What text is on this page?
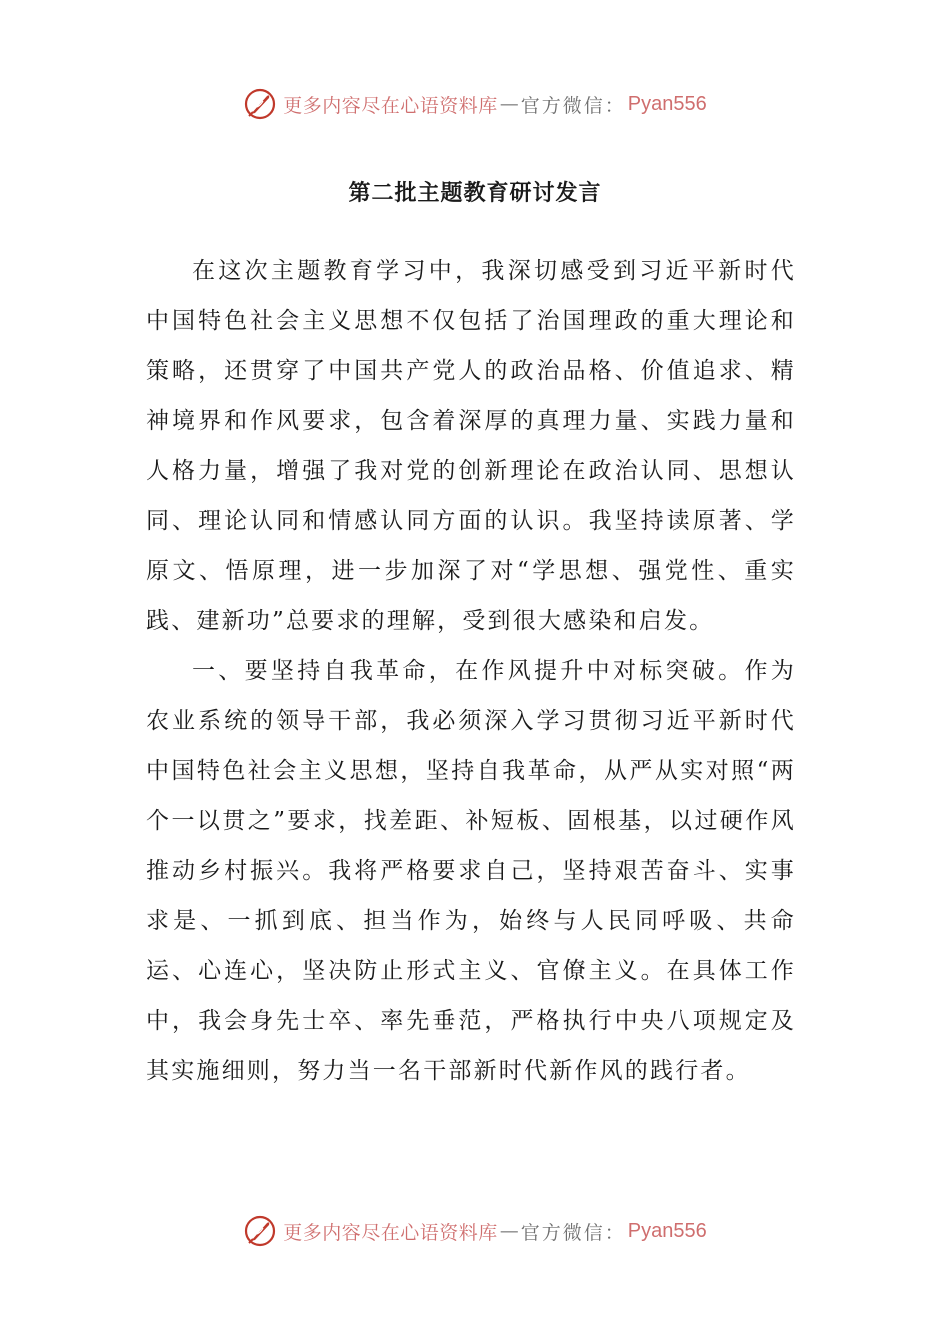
更多内容尽在心语资料库 — 官方微信： Pyan556
第二批主题教育研讨发言

在这次主题教育学习中，我深切感受到习近平新时代中国特色社会主义思想不仅包括了治国理政的重大理论和策略，还贯穿了中国共产党人的政治品格、价值追求、精神境界和作风要求，包含着深厚的真理力量、实践力量和人格力量，增强了我对党的创新理论在政治认同、思想认同、理论认同和情感认同方面的认识。我坚持读原著、学原文、悟原理，进一步加深了对“学思想、强党性、重实践、建新功”总要求的理解，受到很大感染和启发。

一、要坚持自我革命，在作风提升中对标突破。作为农业系统的领导干部，我必须深入学习贯彻习近平新时代中国特色社会主义思想，坚持自我革命，从严从实对照“两个一以贯之”要求，找差距、补短板、固根基，以过硬作风推动乡村振兴。我将严格要求自己，坚持艰苦奋斗、实事求是、一抓到底、担当作为，始终与人民同呼吸、共命运、心连心，坚决防止形式主义、官僚主义。在具体工作中，我会身先士卒、率先垂范，严格执行中央八项规定及其实施细则，努力当一名干部新时代新作风的践行者。

更多内容尽在心语资料库 — 官方微信： Pyan556
